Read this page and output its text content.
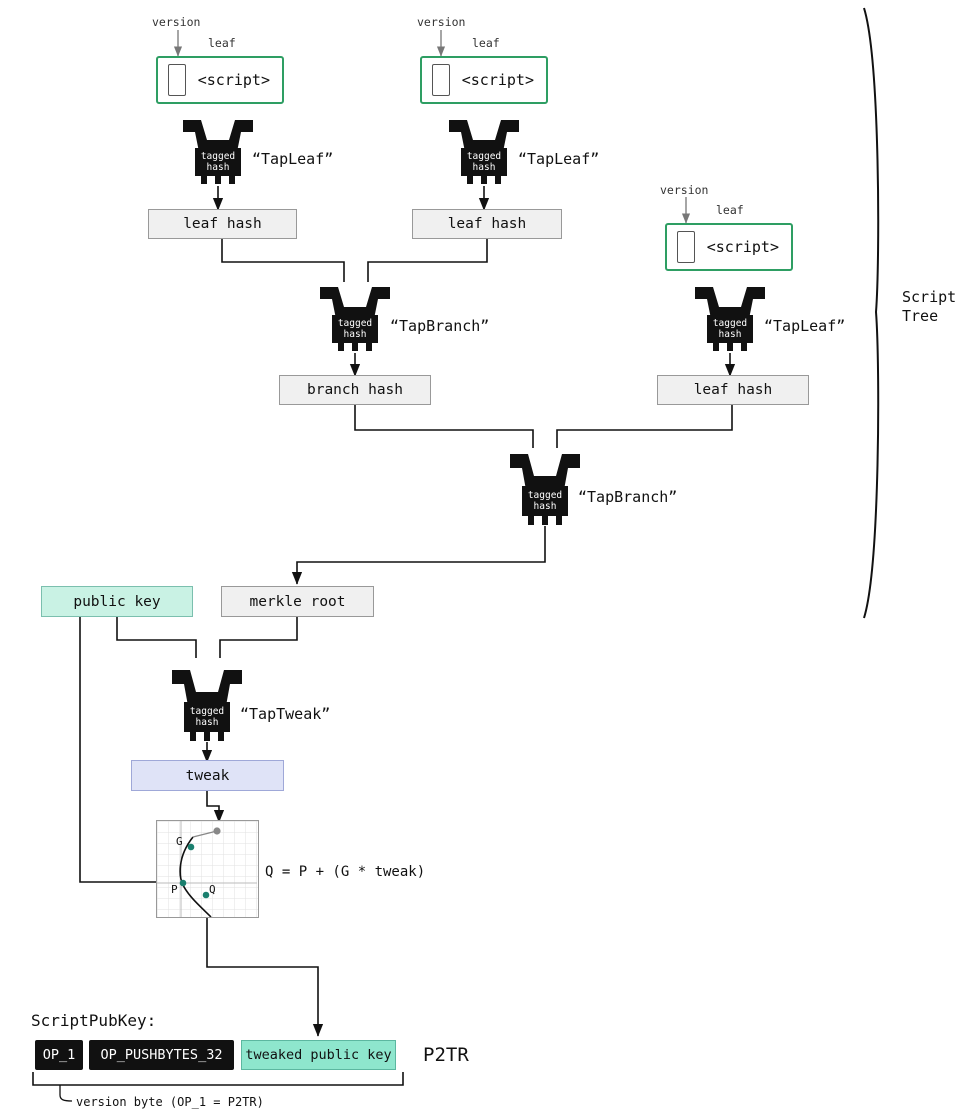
version
leaf
<script>
tagged
hash “TapLeaf”
leaf hash
version
leaf
<script>
tagged
hash “TapLeaf”
leaf hash
tagged
hash “TapBranch”
branch hash
version
leaf
<script>
tagged
hash “TapLeaf”
leaf hash
tagged
hash
“TapBranch”
Script
Tree
public key	merkle root
tagged
hash “TapTweak”
tweak
G
P	Q
Q = P + (G * tweak)
ScriptPubKey:
OP_1 OP_PUSHBYTES_32 tweaked public key P2TR
version byte (OP_1 = P2TR)
